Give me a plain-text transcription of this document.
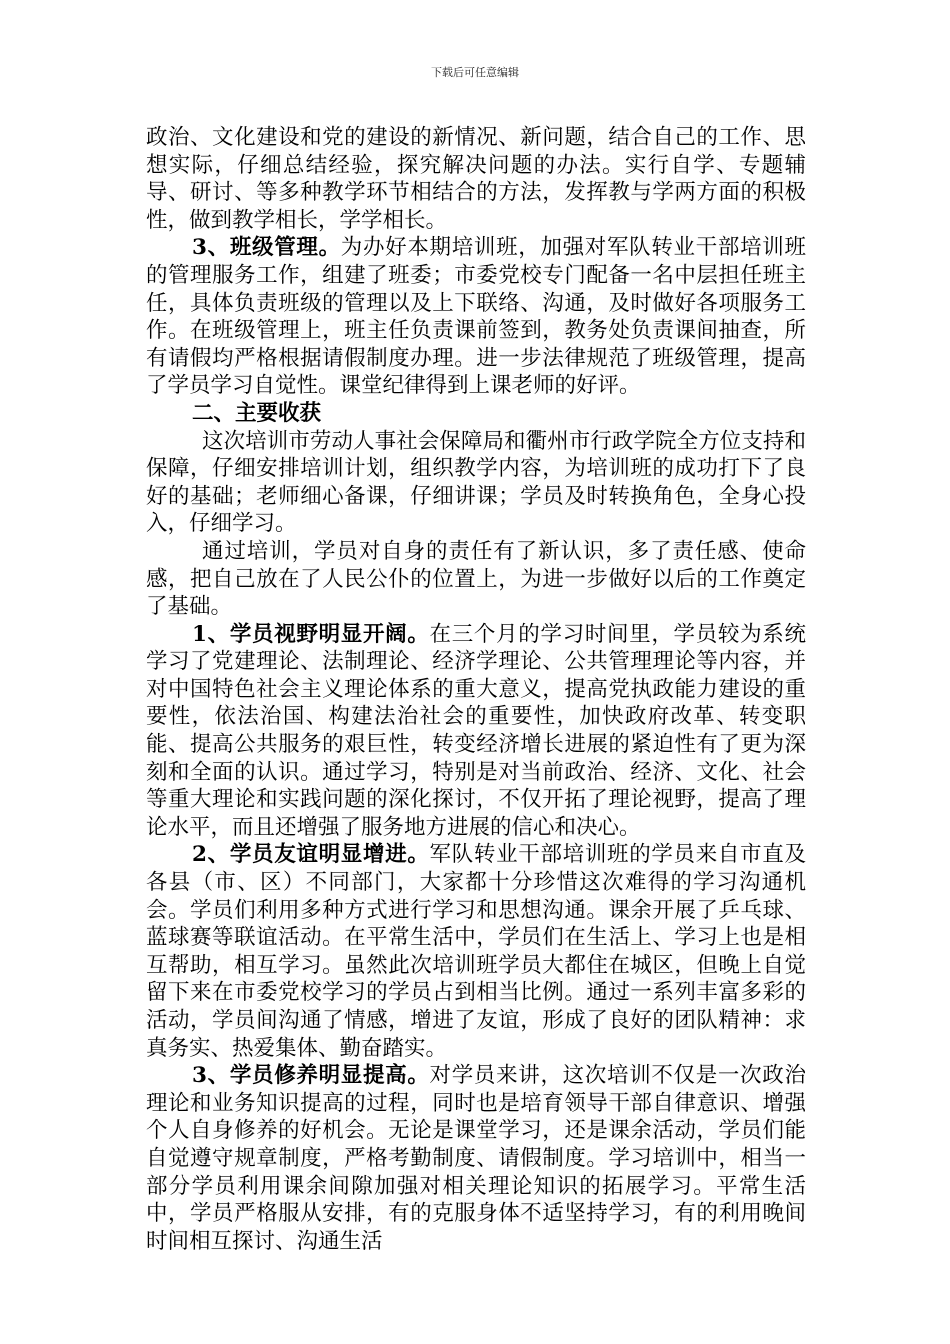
下载后可任意编辑

政治、文化建设和党的建设的新情况、新问题，结合自己的工作、思想实际，仔细总结经验，探究解决问题的办法。实行自学、专题辅导、研讨、等多种教学环节相结合的方法，发挥教与学两方面的积极性，做到教学相长，学学相长。

3、班级管理。为办好本期培训班，加强对军队转业干部培训班的管理服务工作，组建了班委；市委党校专门配备一名中层担任班主任，具体负责班级的管理以及上下联络、沟通，及时做好各项服务工作。在班级管理上，班主任负责课前签到，教务处负责课间抽查，所有请假均严格根据请假制度办理。进一步法律规范了班级管理，提高了学员学习自觉性。课堂纪律得到上课老师的好评。

二、主要收获

这次培训市劳动人事社会保障局和衢州市行政学院全方位支持和保障，仔细安排培训计划，组织教学内容，为培训班的成功打下了良好的基础；老师细心备课，仔细讲课；学员及时转换角色，全身心投入，仔细学习。

通过培训，学员对自身的责任有了新认识，多了责任感、使命感，把自己放在了人民公仆的位置上，为进一步做好以后的工作奠定了基础。

1、学员视野明显开阔。在三个月的学习时间里，学员较为系统学习了党建理论、法制理论、经济学理论、公共管理理论等内容，并对中国特色社会主义理论体系的重大意义，提高党执政能力建设的重要性，依法治国、构建法治社会的重要性，加快政府改革、转变职能、提高公共服务的艰巨性，转变经济增长进展的紧迫性有了更为深刻和全面的认识。通过学习，特别是对当前政治、经济、文化、社会等重大理论和实践问题的深化探讨，不仅开拓了理论视野，提高了理论水平，而且还增强了服务地方进展的信心和决心。

2、学员友谊明显增进。军队转业干部培训班的学员来自市直及各县（市、区）不同部门，大家都十分珍惜这次难得的学习沟通机会。学员们利用多种方式进行学习和思想沟通。课余开展了乒乓球、蓝球赛等联谊活动。在平常生活中，学员们在生活上、学习上也是相互帮助，相互学习。虽然此次培训班学员大都住在城区，但晚上自觉留下来在市委党校学习的学员占到相当比例。通过一系列丰富多彩的活动，学员间沟通了情感，增进了友谊，形成了良好的团队精神：求真务实、热爱集体、勤奋踏实。

3、学员修养明显提高。对学员来讲，这次培训不仅是一次政治理论和业务知识提高的过程，同时也是培育领导干部自律意识、增强个人自身修养的好机会。无论是课堂学习，还是课余活动，学员们能自觉遵守规章制度，严格考勤制度、请假制度。学习培训中，相当一部分学员利用课余间隙加强对相关理论知识的拓展学习。平常生活中，学员严格服从安排，有的克服身体不适坚持学习，有的利用晚间时间相互探讨、沟通生活
